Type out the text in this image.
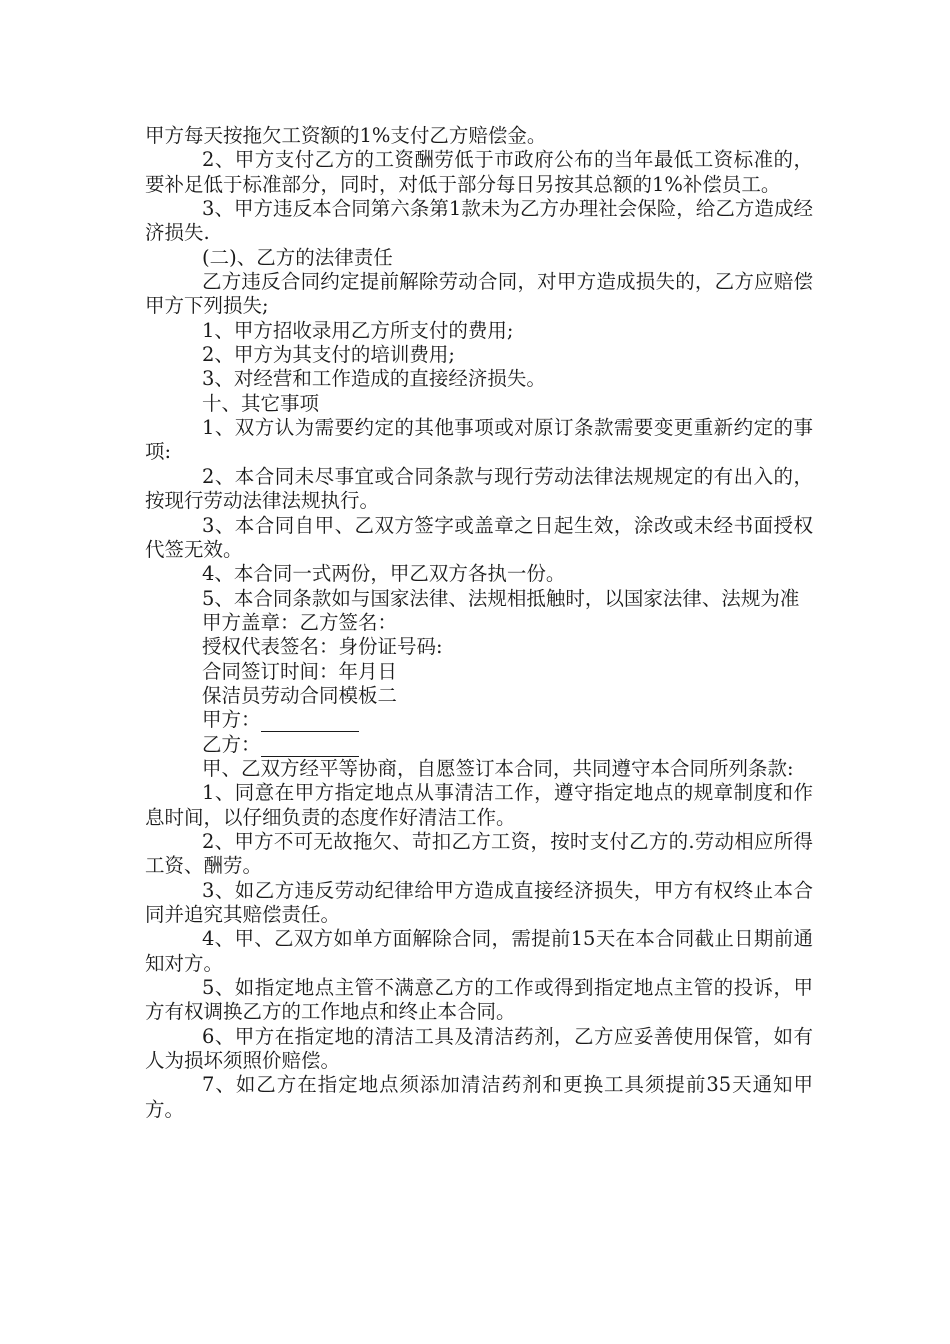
甲方每天按拖欠工资额的1%支付乙方赔偿金。

2、甲方支付乙方的工资酬劳低于市政府公布的当年最低工资标准的，要补足低于标准部分，同时，对低于部分每日另按其总额的1%补偿员工。

3、甲方违反本合同第六条第1款未为乙方办理社会保险，给乙方造成经济损失.

(二)、乙方的法律责任

乙方违反合同约定提前解除劳动合同，对甲方造成损失的，乙方应赔偿甲方下列损失;

1、甲方招收录用乙方所支付的费用;

2、甲方为其支付的培训费用;

3、对经营和工作造成的直接经济损失。

十、其它事项

1、双方认为需要约定的其他事项或对原订条款需要变更重新约定的事项:

2、本合同未尽事宜或合同条款与现行劳动法律法规规定的有出入的，按现行劳动法律法规执行。

3、本合同自甲、乙双方签字或盖章之日起生效，涂改或未经书面授权代签无效。

4、本合同一式两份，甲乙双方各执一份。

5、本合同条款如与国家法律、法规相抵触时，以国家法律、法规为准

甲方盖章：乙方签名：

授权代表签名：身份证号码:

合同签订时间：年月日

保洁员劳动合同模板二

甲方：

乙方：

甲、乙双方经平等协商，自愿签订本合同，共同遵守本合同所列条款:

1、同意在甲方指定地点从事清洁工作，遵守指定地点的规章制度和作息时间，以仔细负责的态度作好清洁工作。

2、甲方不可无故拖欠、苛扣乙方工资，按时支付乙方的.劳动相应所得工资、酬劳。

3、如乙方违反劳动纪律给甲方造成直接经济损失，甲方有权终止本合同并追究其赔偿责任。

4、甲、乙双方如单方面解除合同，需提前15天在本合同截止日期前通知对方。

5、如指定地点主管不满意乙方的工作或得到指定地点主管的投诉，甲方有权调换乙方的工作地点和终止本合同。

6、甲方在指定地的清洁工具及清洁药剂，乙方应妥善使用保管，如有人为损坏须照价赔偿。

7、如乙方在指定地点须添加清洁药剂和更换工具须提前35天通知甲方。
